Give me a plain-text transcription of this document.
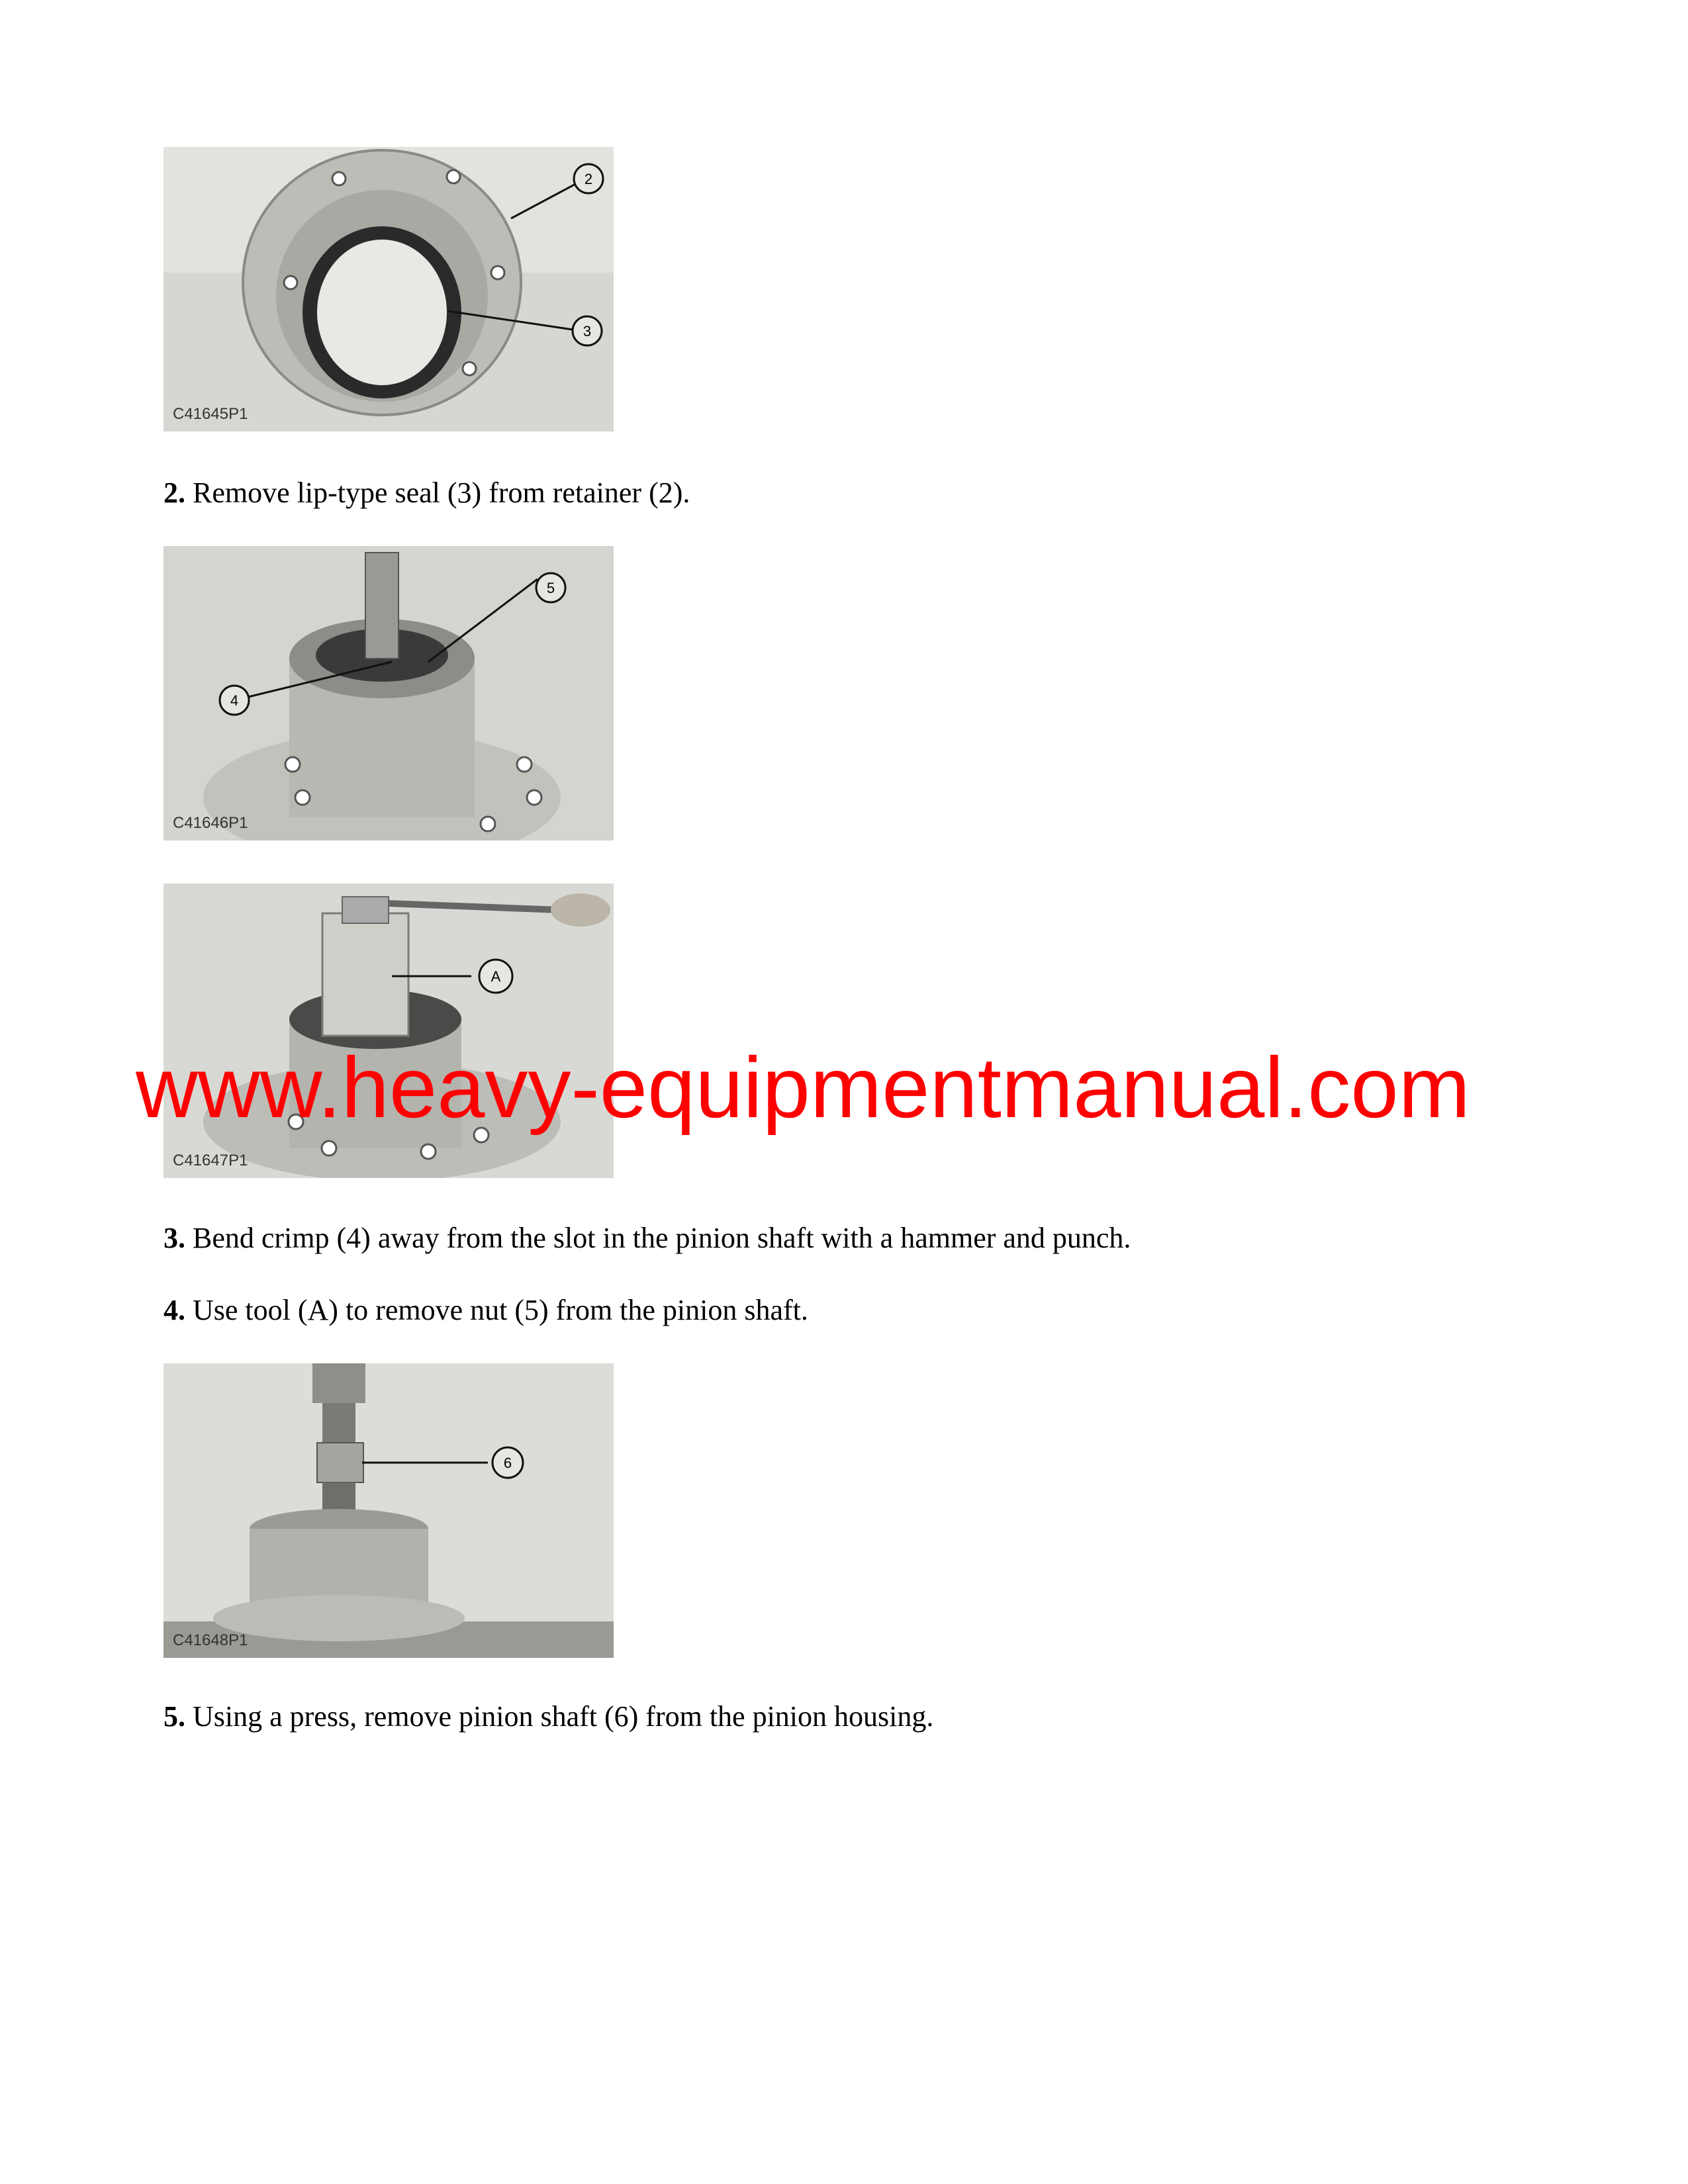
2
3
C41645P1
2. Remove lip-type seal (3) from retainer (2).
5
4
C41646P1
A
C41647P1
3. Bend crimp (4) away from the slot in the pinion shaft with a hammer and punch.
4. Use tool (A) to remove nut (5) from the pinion shaft.
6
C41648P1
5. Using a press, remove pinion shaft (6) from the pinion housing.
www.heavy-equipmentmanual.com
